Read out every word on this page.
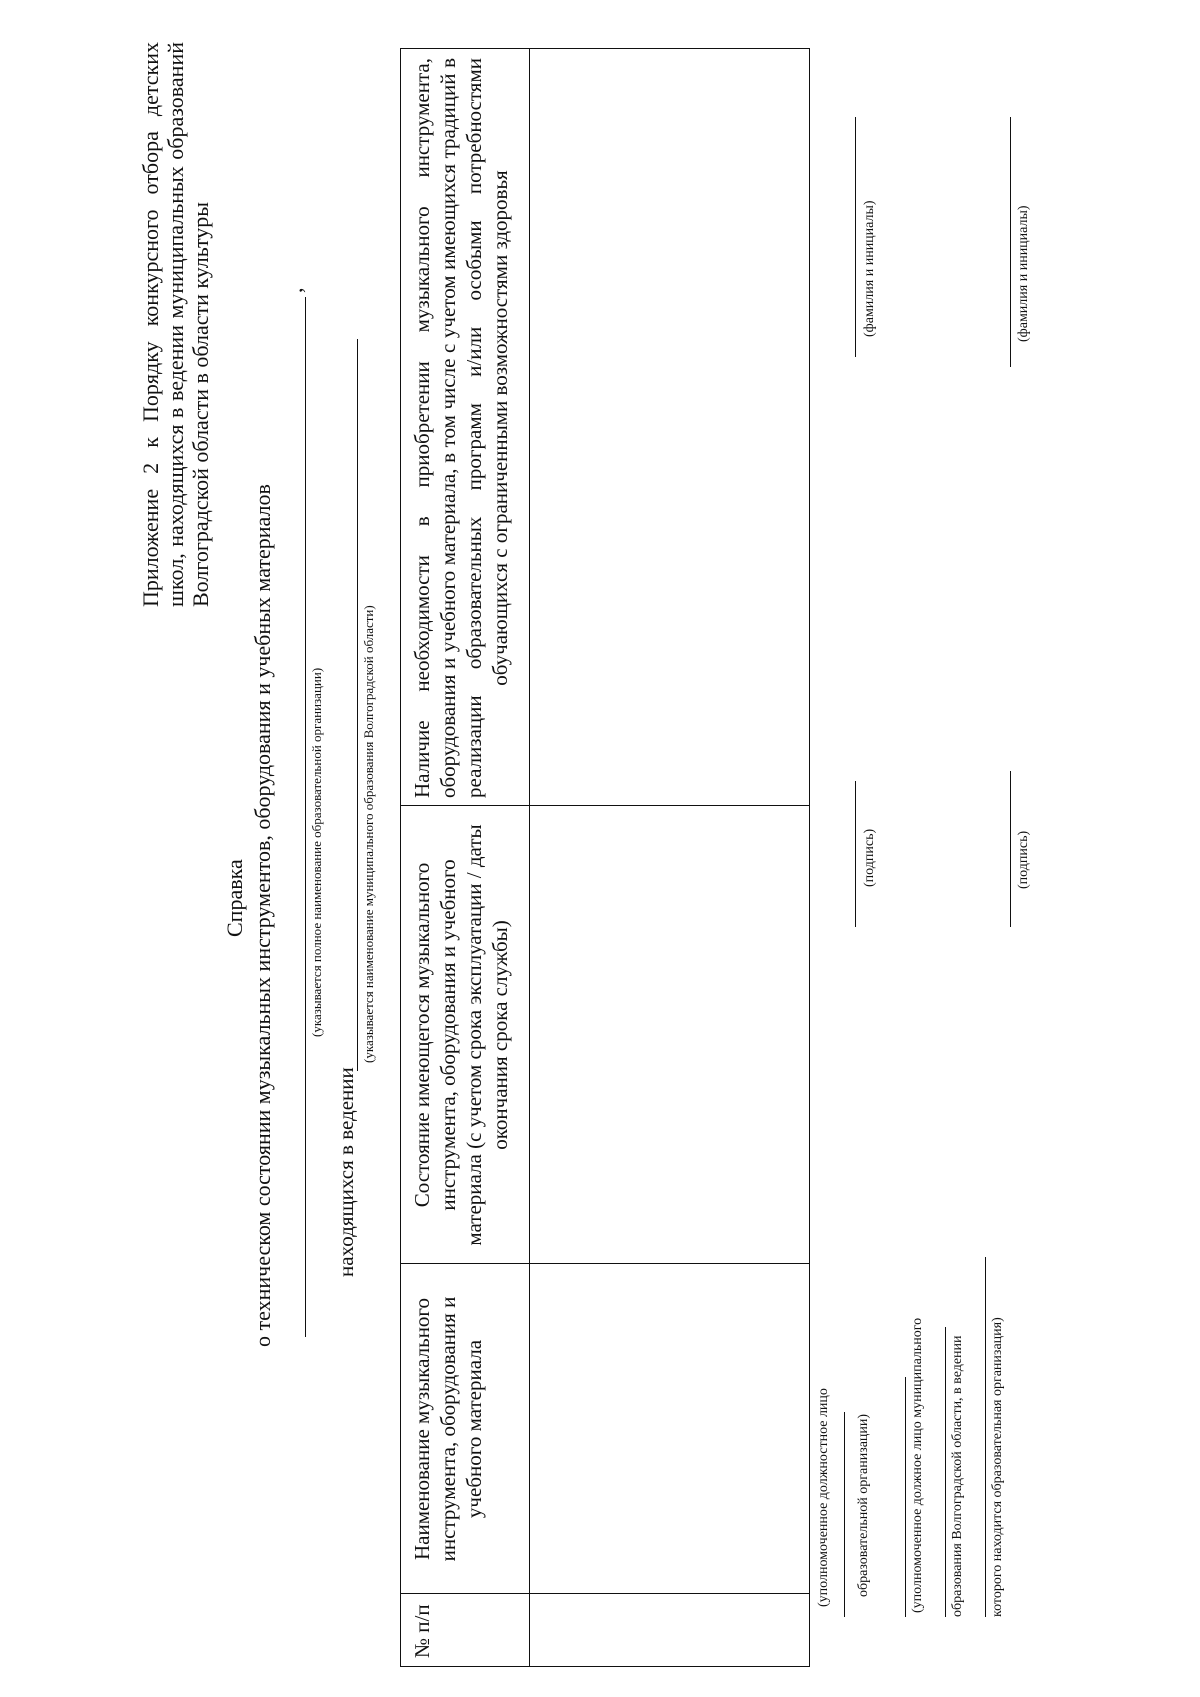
Приложение 2 к Порядку конкурсного отбора детских школ, находящихся в ведении муниципальных образований Волгоградской области в области культуры
Справка о техническом состоянии музыкальных инструментов, оборудования и учебных материалов
,
(указывается полное наименование образовательной организации)
находящихся в ведении
(указывается наименование муниципального образования Волгоградской области)
№ п/п
Наименование музыкального инструмента, оборудования и учебного материала
Состояние имеющегося музыкального инструмента, оборудования и учебного материала (с учетом срока эксплуатации / даты окончания срока службы)
Наличие необходимости в приобретении музыкального инструмента, оборудования и учебного материала, в том числе с учетом имеющихся традиций в реализации образовательных программ и/или особыми потребностями обучающихся с ограниченными возможностями здоровья
(уполномоченное должностное лицо образовательной организации)
(подпись)
(фамилия и инициалы)
(уполномоченное должное лицо муниципального образования Волгоградской области, в ведении которого находится образовательная организация)
(подпись)
(фамилия и инициалы)
